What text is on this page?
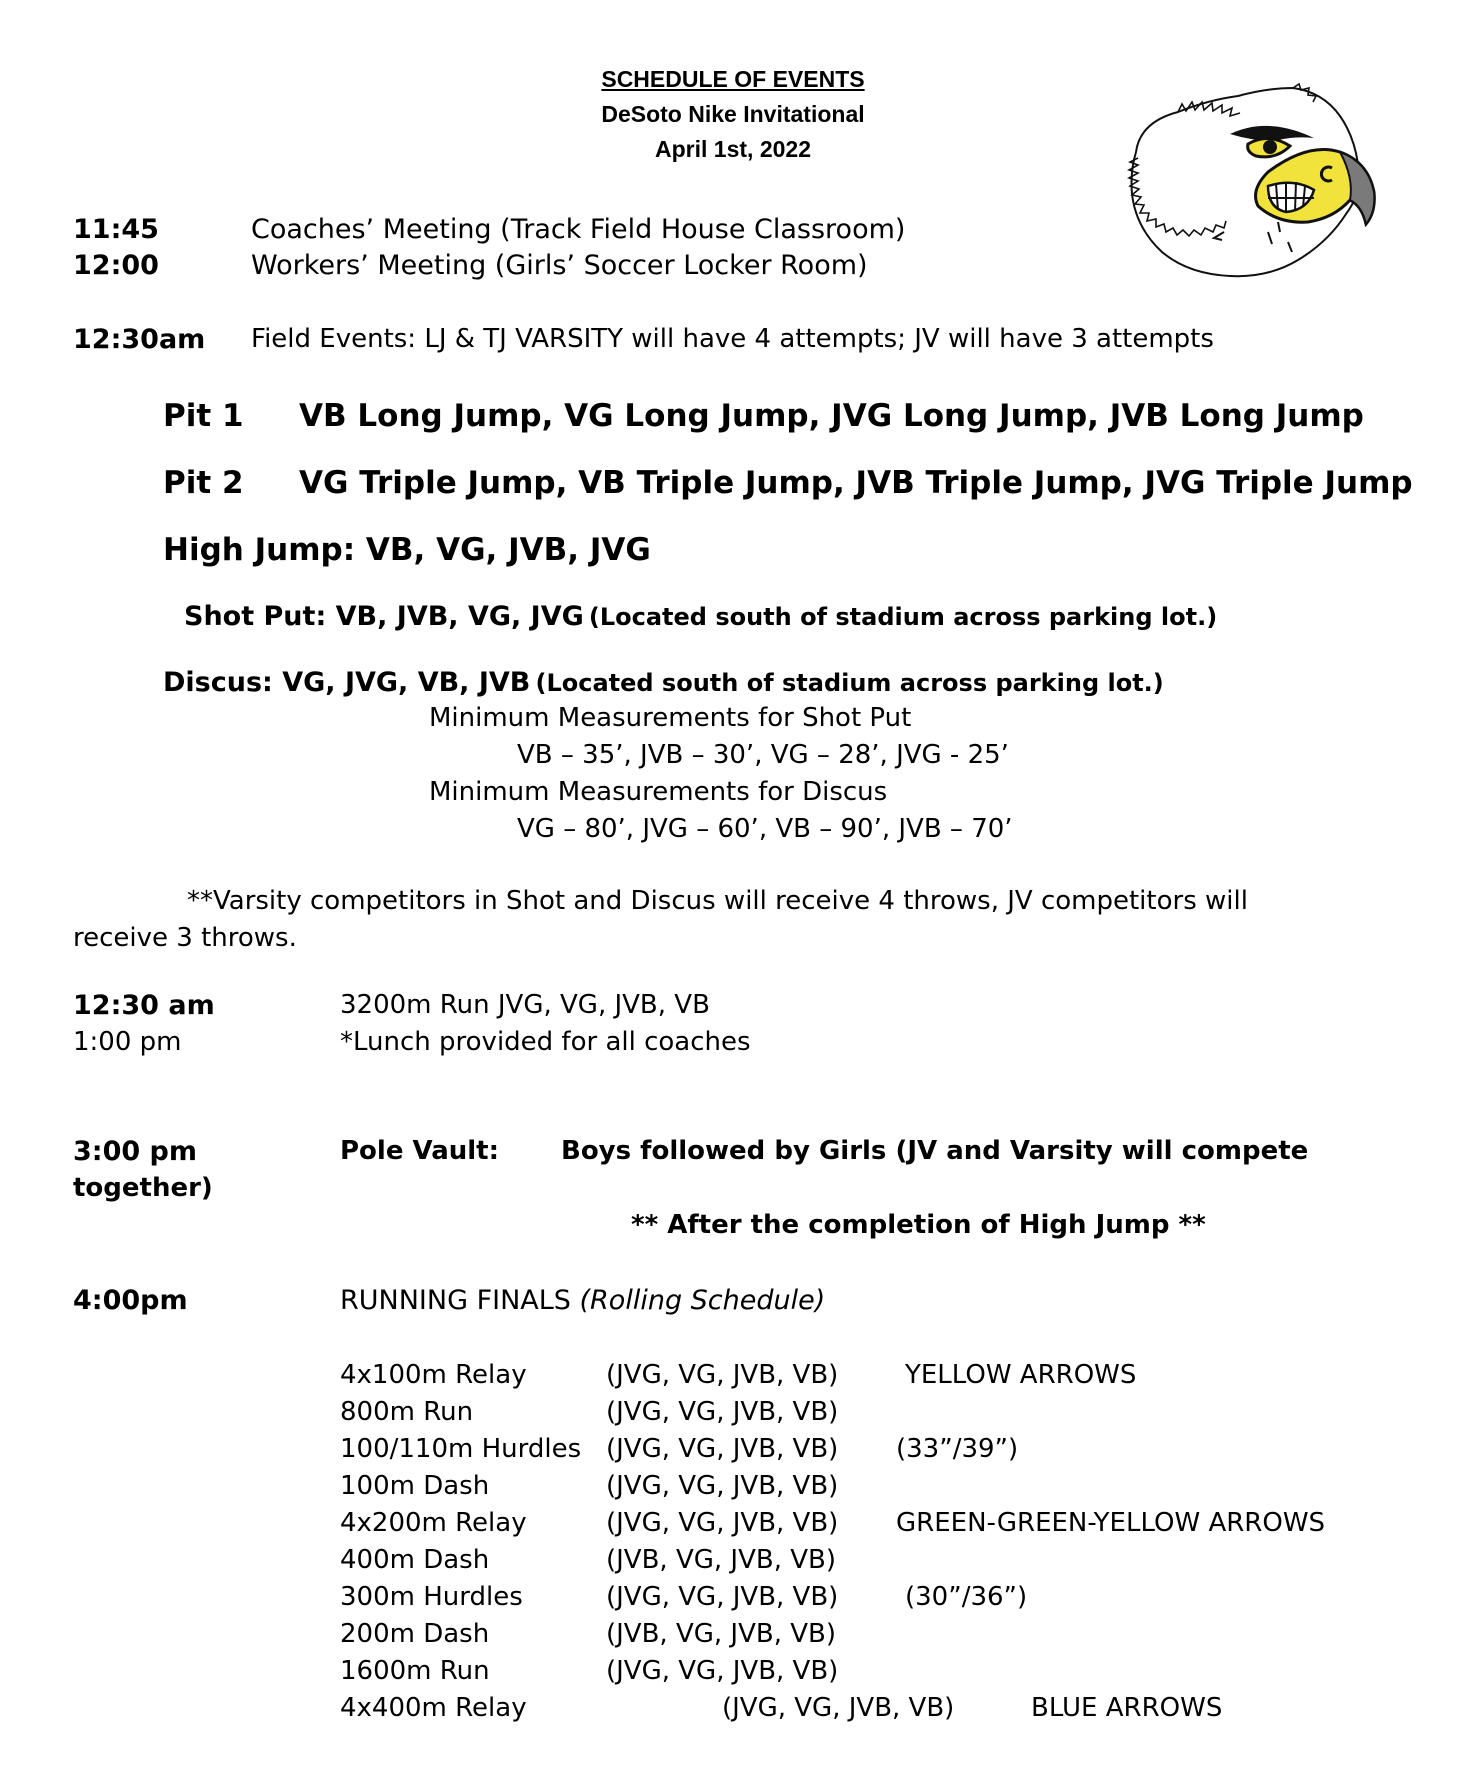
SCHEDULE OF EVENTS
DeSoto Nike Invitational
April 1st, 2022
11:45	Coaches’ Meeting (Track Field House Classroom)
12:00	Workers’ Meeting (Girls’ Soccer Locker Room)
12:30am Field Events: LJ & TJ VARSITY will have 4 attempts; JV will have 3 attempts
Pit 1 VB Long Jump, VG Long Jump, JVG Long Jump, JVB Long Jump
Pit 2 VG Triple Jump, VB Triple Jump, JVB Triple Jump, JVG Triple Jump
High Jump: VB, VG, JVB, JVG
Shot Put: VB, JVB, VG, JVG (Located south of stadium across parking lot.)
Discus: VG, JVG, VB, JVB (Located south of stadium across parking lot.)
Minimum Measurements for Shot Put
VB – 35’, JVB – 30’, VG – 28’, JVG - 25’
Minimum Measurements for Discus
VG – 80’, JVG – 60’, VB – 90’, JVB – 70’
**Varsity competitors in Shot and Discus will receive 4 throws, JV competitors will
receive 3 throws.
12:30 am	3200m Run JVG, VG, JVB, VB
1:00 pm	*Lunch provided for all coaches
3:00 pm	Pole Vault: Boys followed by Girls (JV and Varsity will compete
together)
** After the completion of High Jump **
4:00pm	RUNNING FINALS (Rolling Schedule)
4x100m Relay	(JVG, VG, JVB, VB)	YELLOW ARROWS
800m Run	(JVG, VG, JVB, VB)
100/110m Hurdles (JVG, VG, JVB, VB) (33”/39”)
100m Dash	(JVG, VG, JVB, VB)
4x200m Relay	(JVG, VG, JVB, VB) GREEN-GREEN-YELLOW ARROWS
400m Dash	(JVB, VG, JVB, VB)
300m Hurdles	(JVG, VG, JVB, VB)	(30”/36”)
200m Dash	(JVB, VG, JVB, VB)
1600m Run	(JVG, VG, JVB, VB)
4x400m Relay	(JVG, VG, JVB, VB)	BLUE ARROWS
